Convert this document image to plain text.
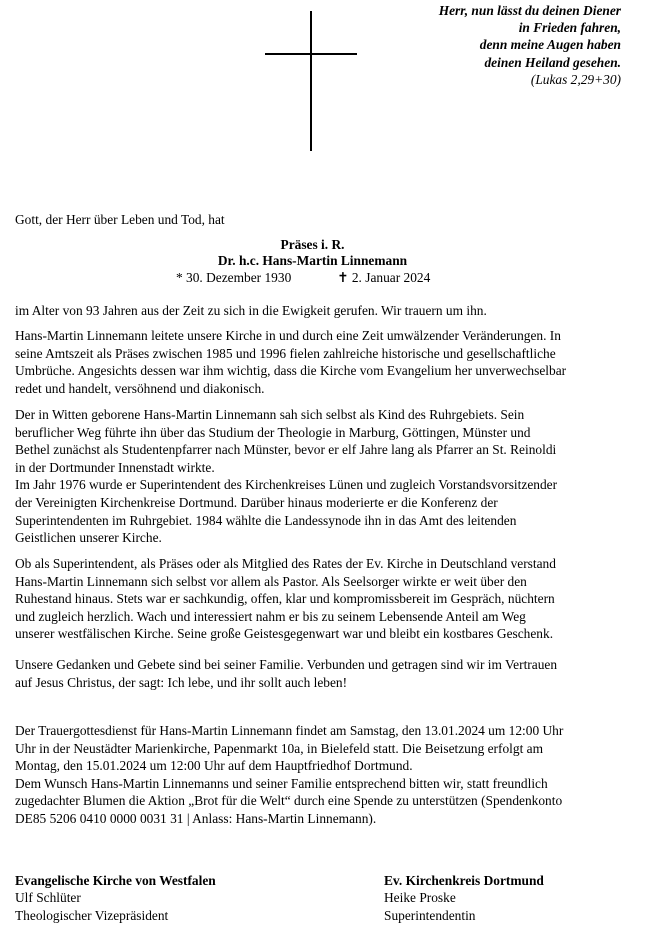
Herr, nun lässt du deinen Diener
in Frieden fahren,
denn meine Augen haben
deinen Heiland gesehen.
(Lukas 2,29+30)
Gott, der Herr über Leben und Tod, hat
Präses i. R.
Dr. h.c. Hans-Martin Linnemann
* 30. Dezember 1930	✝ 2. Januar 2024
im Alter von 93 Jahren aus der Zeit zu sich in die Ewigkeit gerufen. Wir trauern um ihn.
Hans-Martin Linnemann leitete unsere Kirche in und durch eine Zeit umwälzender Veränderungen. In
seine Amtszeit als Präses zwischen 1985 und 1996 fielen zahlreiche historische und gesellschaftliche
Umbrüche. Angesichts dessen war ihm wichtig, dass die Kirche vom Evangelium her unverwechselbar
redet und handelt, versöhnend und diakonisch.
Der in Witten geborene Hans-Martin Linnemann sah sich selbst als Kind des Ruhrgebiets. Sein
beruflicher Weg führte ihn über das Studium der Theologie in Marburg, Göttingen, Münster und
Bethel zunächst als Studentenpfarrer nach Münster, bevor er elf Jahre lang als Pfarrer an St. Reinoldi
in der Dortmunder Innenstadt wirkte.
Im Jahr 1976 wurde er Superintendent des Kirchenkreises Lünen und zugleich Vorstandsvorsitzender
der Vereinigten Kirchenkreise Dortmund. Darüber hinaus moderierte er die Konferenz der
Superintendenten im Ruhrgebiet. 1984 wählte die Landessynode ihn in das Amt des leitenden
Geistlichen unserer Kirche.
Ob als Superintendent, als Präses oder als Mitglied des Rates der Ev. Kirche in Deutschland verstand
Hans-Martin Linnemann sich selbst vor allem als Pastor. Als Seelsorger wirkte er weit über den
Ruhestand hinaus. Stets war er sachkundig, offen, klar und kompromissbereit im Gespräch, nüchtern
und zugleich herzlich. Wach und interessiert nahm er bis zu seinem Lebensende Anteil am Weg
unserer westfälischen Kirche. Seine große Geistesgegenwart war und bleibt ein kostbares Geschenk.
Unsere Gedanken und Gebete sind bei seiner Familie. Verbunden und getragen sind wir im Vertrauen
auf Jesus Christus, der sagt: Ich lebe, und ihr sollt auch leben!
Der Trauergottesdienst für Hans-Martin Linnemann findet am Samstag, den 13.01.2024 um 12:00 Uhr
Uhr in der Neustädter Marienkirche, Papenmarkt 10a, in Bielefeld statt. Die Beisetzung erfolgt am
Montag, den 15.01.2024 um 12:00 Uhr auf dem Hauptfriedhof Dortmund.
Dem Wunsch Hans-Martin Linnemanns und seiner Familie entsprechend bitten wir, statt freundlich
zugedachter Blumen die Aktion „Brot für die Welt“ durch eine Spende zu unterstützen (Spendenkonto
DE85 5206 0410 0000 0031 31 | Anlass: Hans-Martin Linnemann).
Evangelische Kirche von Westfalen
Ulf Schlüter
Theologischer Vizepräsident
Ev. Kirchenkreis Dortmund
Heike Proske
Superintendentin
